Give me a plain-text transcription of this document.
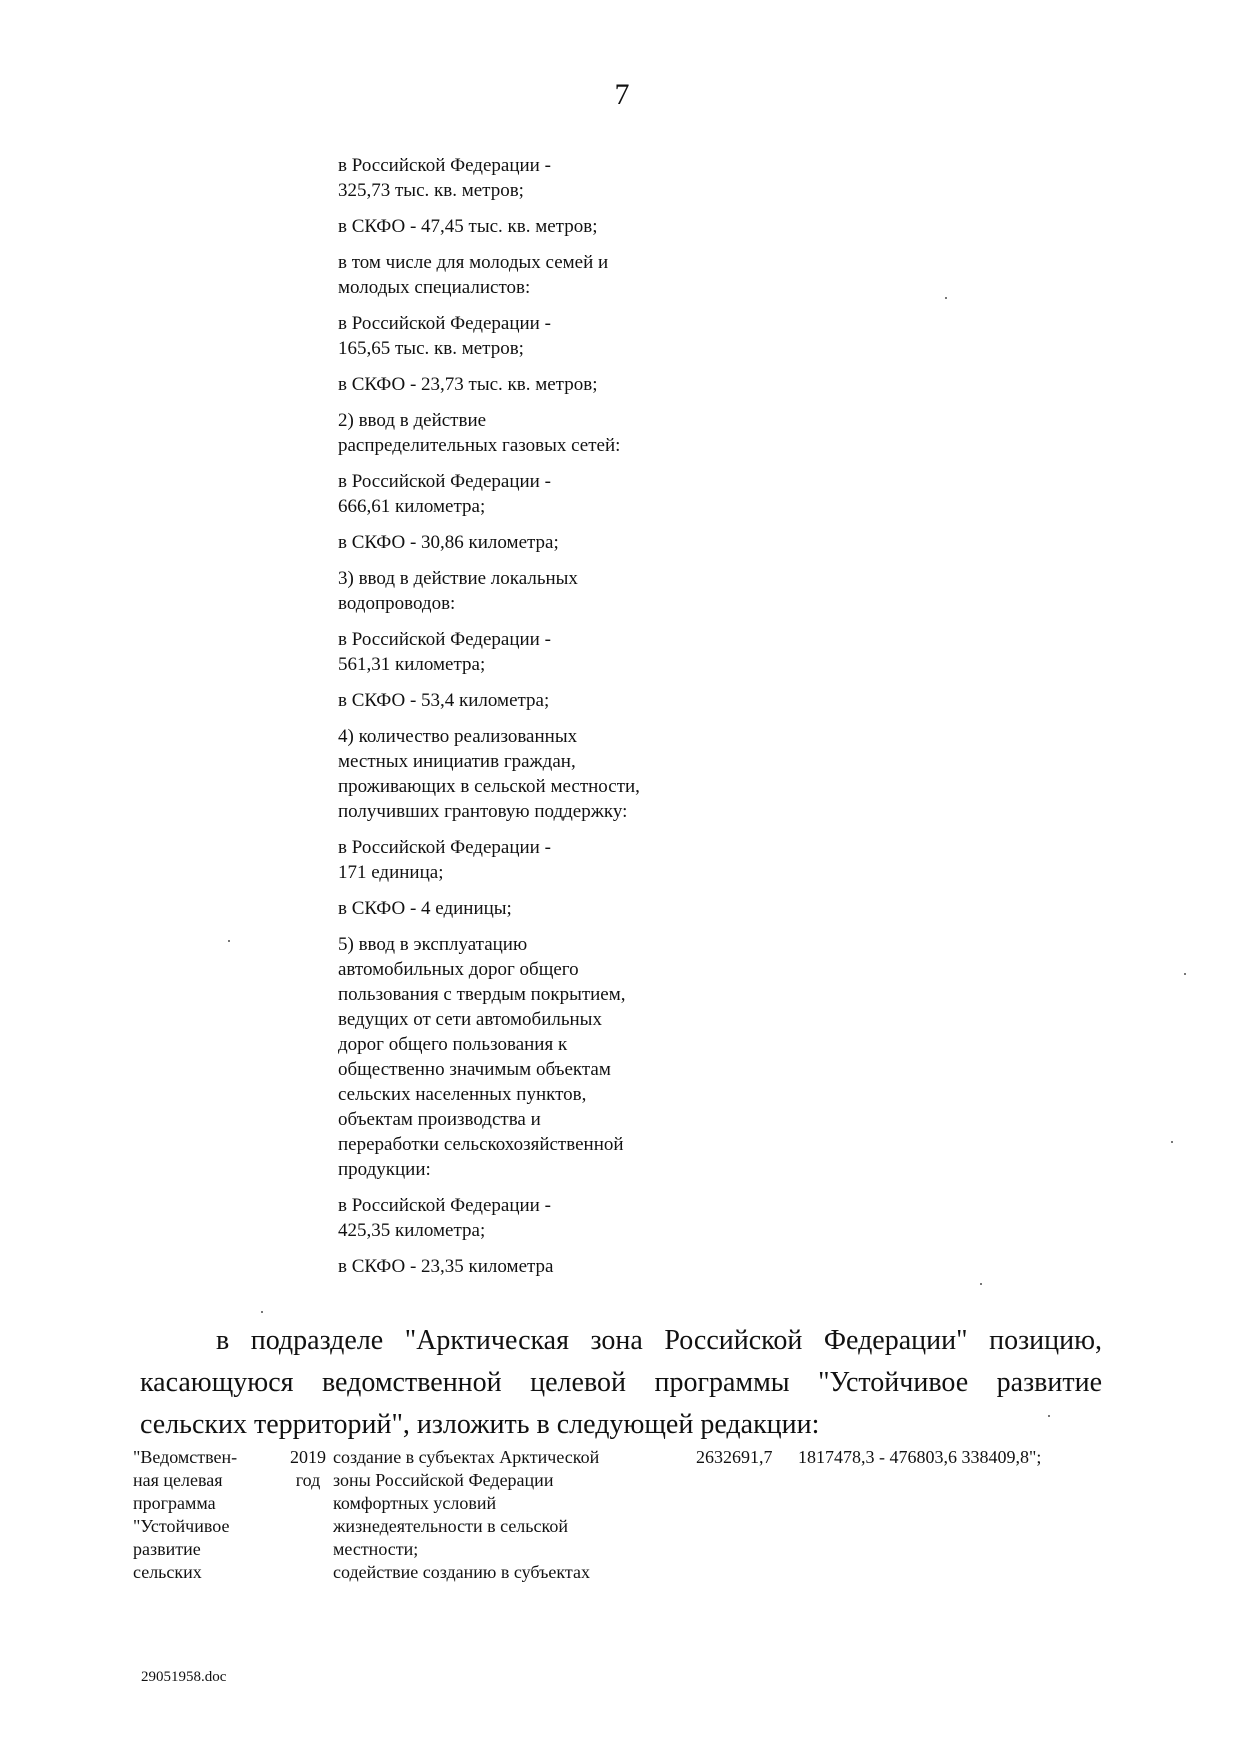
7
в Российской Федерации -
325,73 тыс. кв. метров;
в СКФО - 47,45 тыс. кв. метров;
в том числе для молодых семей и
молодых специалистов:
в Российской Федерации -
165,65 тыс. кв. метров;
в СКФО - 23,73 тыс. кв. метров;
2) ввод в действие
распределительных газовых сетей:
в Российской Федерации -
666,61 километра;
в СКФО - 30,86 километра;
3) ввод в действие локальных
водопроводов:
в Российской Федерации -
561,31 километра;
в СКФО - 53,4 километра;
4) количество реализованных
местных инициатив граждан,
проживающих в сельской местности,
получивших грантовую поддержку:
в Российской Федерации -
171 единица;
в СКФО - 4 единицы;
5) ввод в эксплуатацию
автомобильных дорог общего
пользования с твердым покрытием,
ведущих от сети автомобильных
дорог общего пользования к
общественно значимым объектам
сельских населенных пунктов,
объектам производства и
переработки сельскохозяйственной
продукции:
в Российской Федерации -
425,35 километра;
в СКФО - 23,35 километра
в подразделе "Арктическая зона Российской Федерации" позицию, касающуюся ведомственной целевой программы "Устойчивое развитие сельских территорий", изложить в следующей редакции:
"Ведомствен-
ная целевая
программа
"Устойчивое
развитие
сельских
2019
год
создание в субъектах Арктической
зоны Российской Федерации
комфортных условий
жизнедеятельности в сельской
местности;
содействие созданию в субъектах
2632691,7	1817478,3 - 476803,6 338409,8";
29051958.doc
